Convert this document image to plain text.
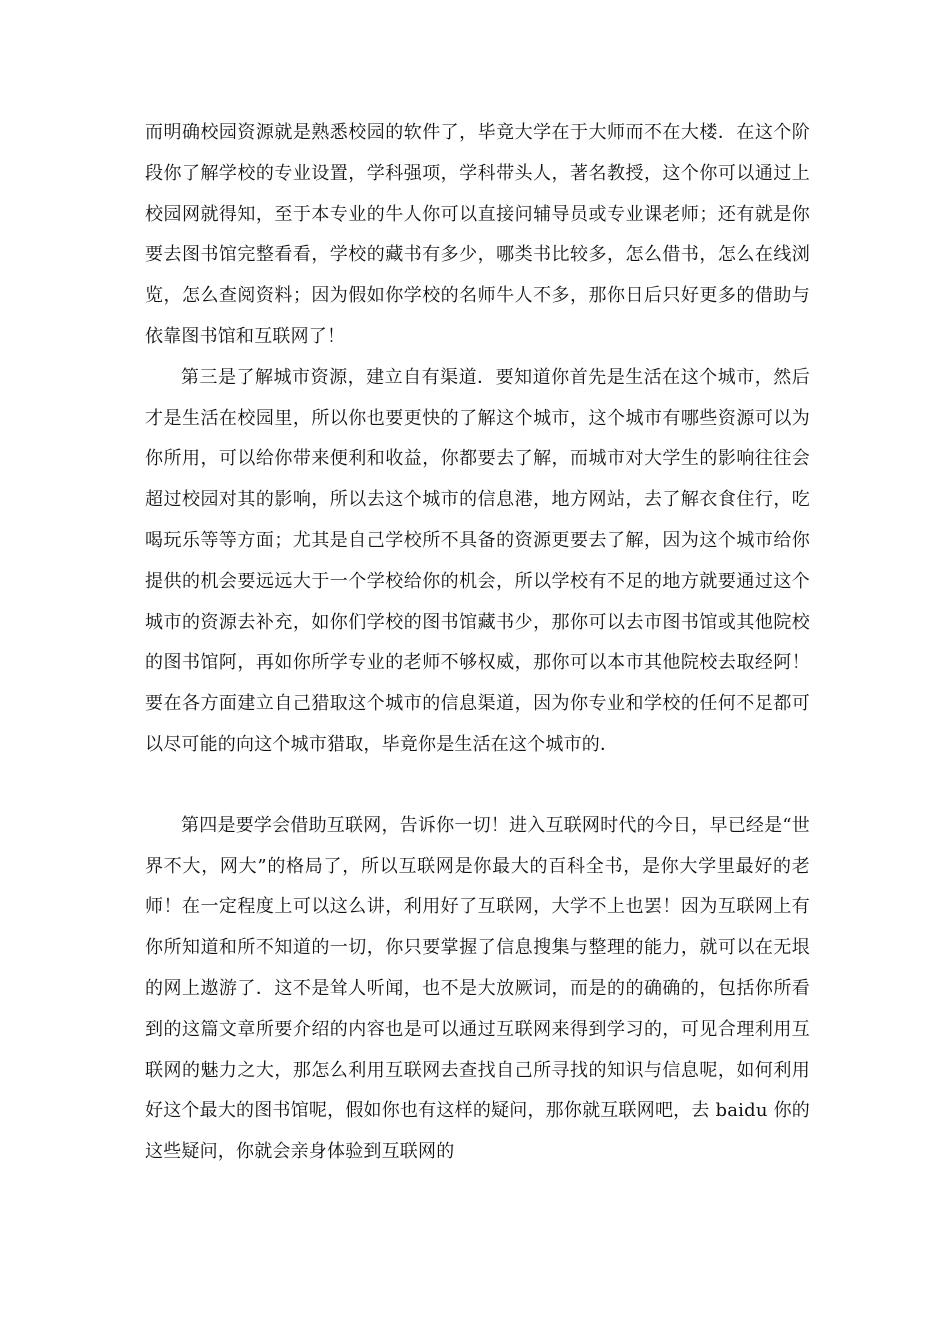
而明确校园资源就是熟悉校园的软件了，毕竟大学在于大师而不在大楼．在这个阶段你了解学校的专业设置，学科强项，学科带头人，著名教授，这个你可以通过上校园网就得知，至于本专业的牛人你可以直接问辅导员或专业课老师；还有就是你要去图书馆完整看看，学校的藏书有多少，哪类书比较多，怎么借书，怎么在线浏览，怎么查阅资料；因为假如你学校的名师牛人不多，那你日后只好更多的借助与依靠图书馆和互联网了！

第三是了解城市资源，建立自有渠道．要知道你首先是生活在这个城市，然后才是生活在校园里，所以你也要更快的了解这个城市，这个城市有哪些资源可以为你所用，可以给你带来便利和收益，你都要去了解，而城市对大学生的影响往往会超过校园对其的影响，所以去这个城市的信息港，地方网站，去了解衣食住行，吃喝玩乐等等方面；尤其是自己学校所不具备的资源更要去了解，因为这个城市给你提供的机会要远远大于一个学校给你的机会，所以学校有不足的地方就要通过这个城市的资源去补充，如你们学校的图书馆藏书少，那你可以去市图书馆或其他院校的图书馆阿，再如你所学专业的老师不够权威，那你可以本市其他院校去取经阿！要在各方面建立自己猎取这个城市的信息渠道，因为你专业和学校的任何不足都可以尽可能的向这个城市猎取，毕竟你是生活在这个城市的．

第四是要学会借助互联网，告诉你一切！进入互联网时代的今日，早已经是“世界不大，网大”的格局了，所以互联网是你最大的百科全书，是你大学里最好的老师！在一定程度上可以这么讲，利用好了互联网，大学不上也罢！因为互联网上有你所知道和所不知道的一切，你只要掌握了信息搜集与整理的能力，就可以在无垠的网上遨游了．这不是耸人听闻，也不是大放厥词，而是的的确确的，包括你所看到的这篇文章所要介绍的内容也是可以通过互联网来得到学习的，可见合理利用互联网的魅力之大，那怎么利用互联网去查找自己所寻找的知识与信息呢，如何利用好这个最大的图书馆呢，假如你也有这样的疑问，那你就互联网吧，去 baidu 你的这些疑问，你就会亲身体验到互联网的
